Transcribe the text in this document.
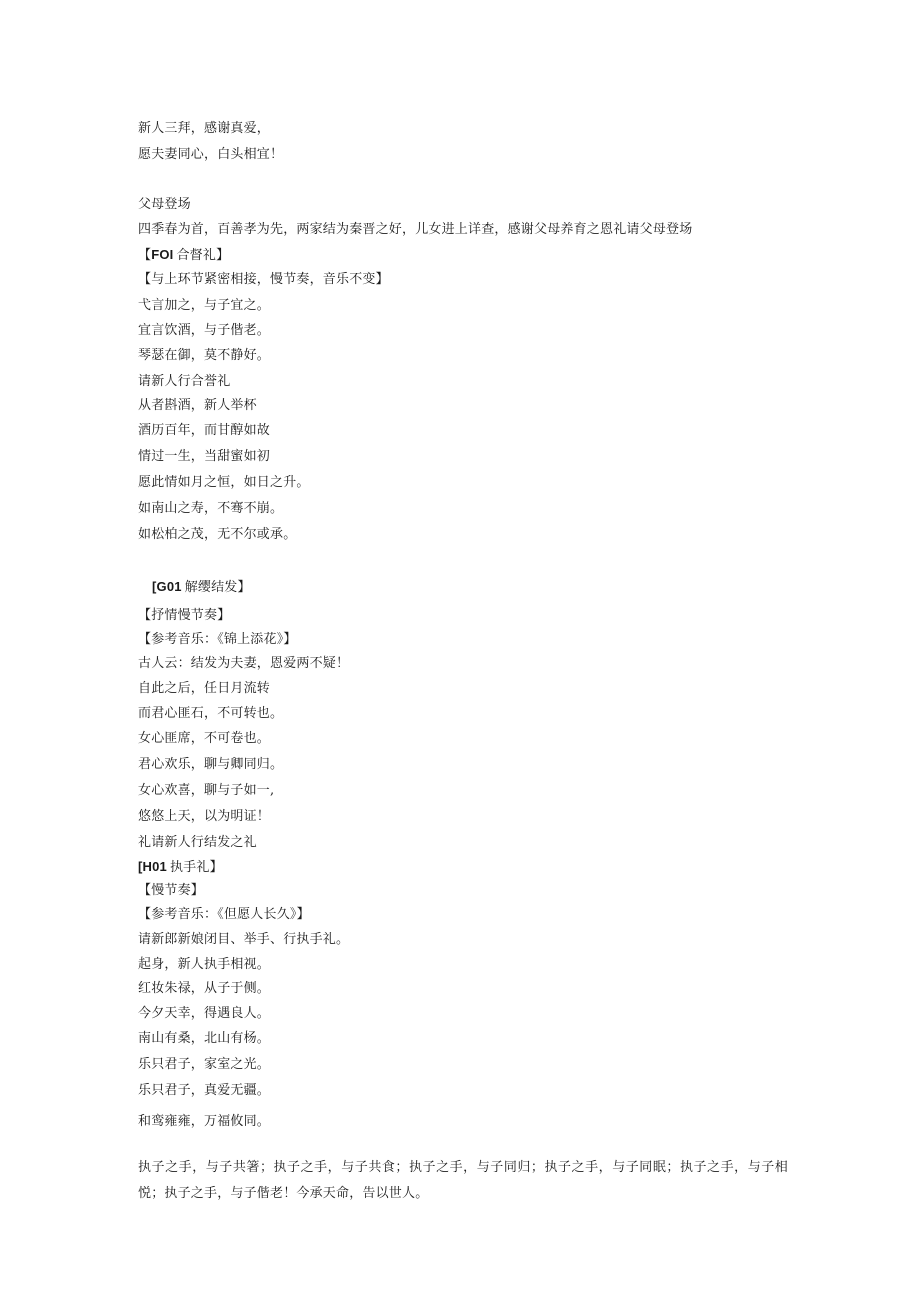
新人三拜，感谢真爱，
愿夫妻同心，白头相宜！
父母登场
四季春为首，百善孝为先，两家结为秦晋之好，儿女进上详查，感谢父母养育之恩礼请父母登场
【FOI 合督礼】
【与上环节紧密相接，慢节奏，音乐不变】
弋言加之，与子宜之。
宜言饮酒，与子偕老。
琴瑟在御，莫不静好。
请新人行合誉礼
从者斟酒，新人举杯
酒历百年，而甘醇如故
情过一生，当甜蜜如初
愿此情如月之恒，如日之升。
如南山之寿，不骞不崩。
如松柏之茂，无不尔或承。
[G01 解缨结发】
【抒情慢节奏】
【参考音乐：《锦上添花》】
古人云：结发为夫妻，恩爱两不疑！
自此之后，任日月流转
而君心匪石，不可转也。
女心匪席，不可卷也。
君心欢乐，聊与卿同归。
女心欢喜，聊与子如一,
悠悠上天，以为明证！
礼请新人行结发之礼
[H01 执手礼】
【慢节奏】
【参考音乐：《但愿人长久》】
请新郎新娘闭目、举手、行执手礼。
起身，新人执手相视。
红妆朱禄，从子于侧。
今夕天幸，得遇良人。
南山有桑，北山有杨。
乐只君子，家室之光。
乐只君子，真爱无疆。
和鸾雍雍，万福攸同。
执子之手，与子共箸；执子之手，与子共食；执子之手，与子同归；执子之手，与子同眠；执子之手，与子相悦；执子之手，与子偕老！今承天命，告以世人。
